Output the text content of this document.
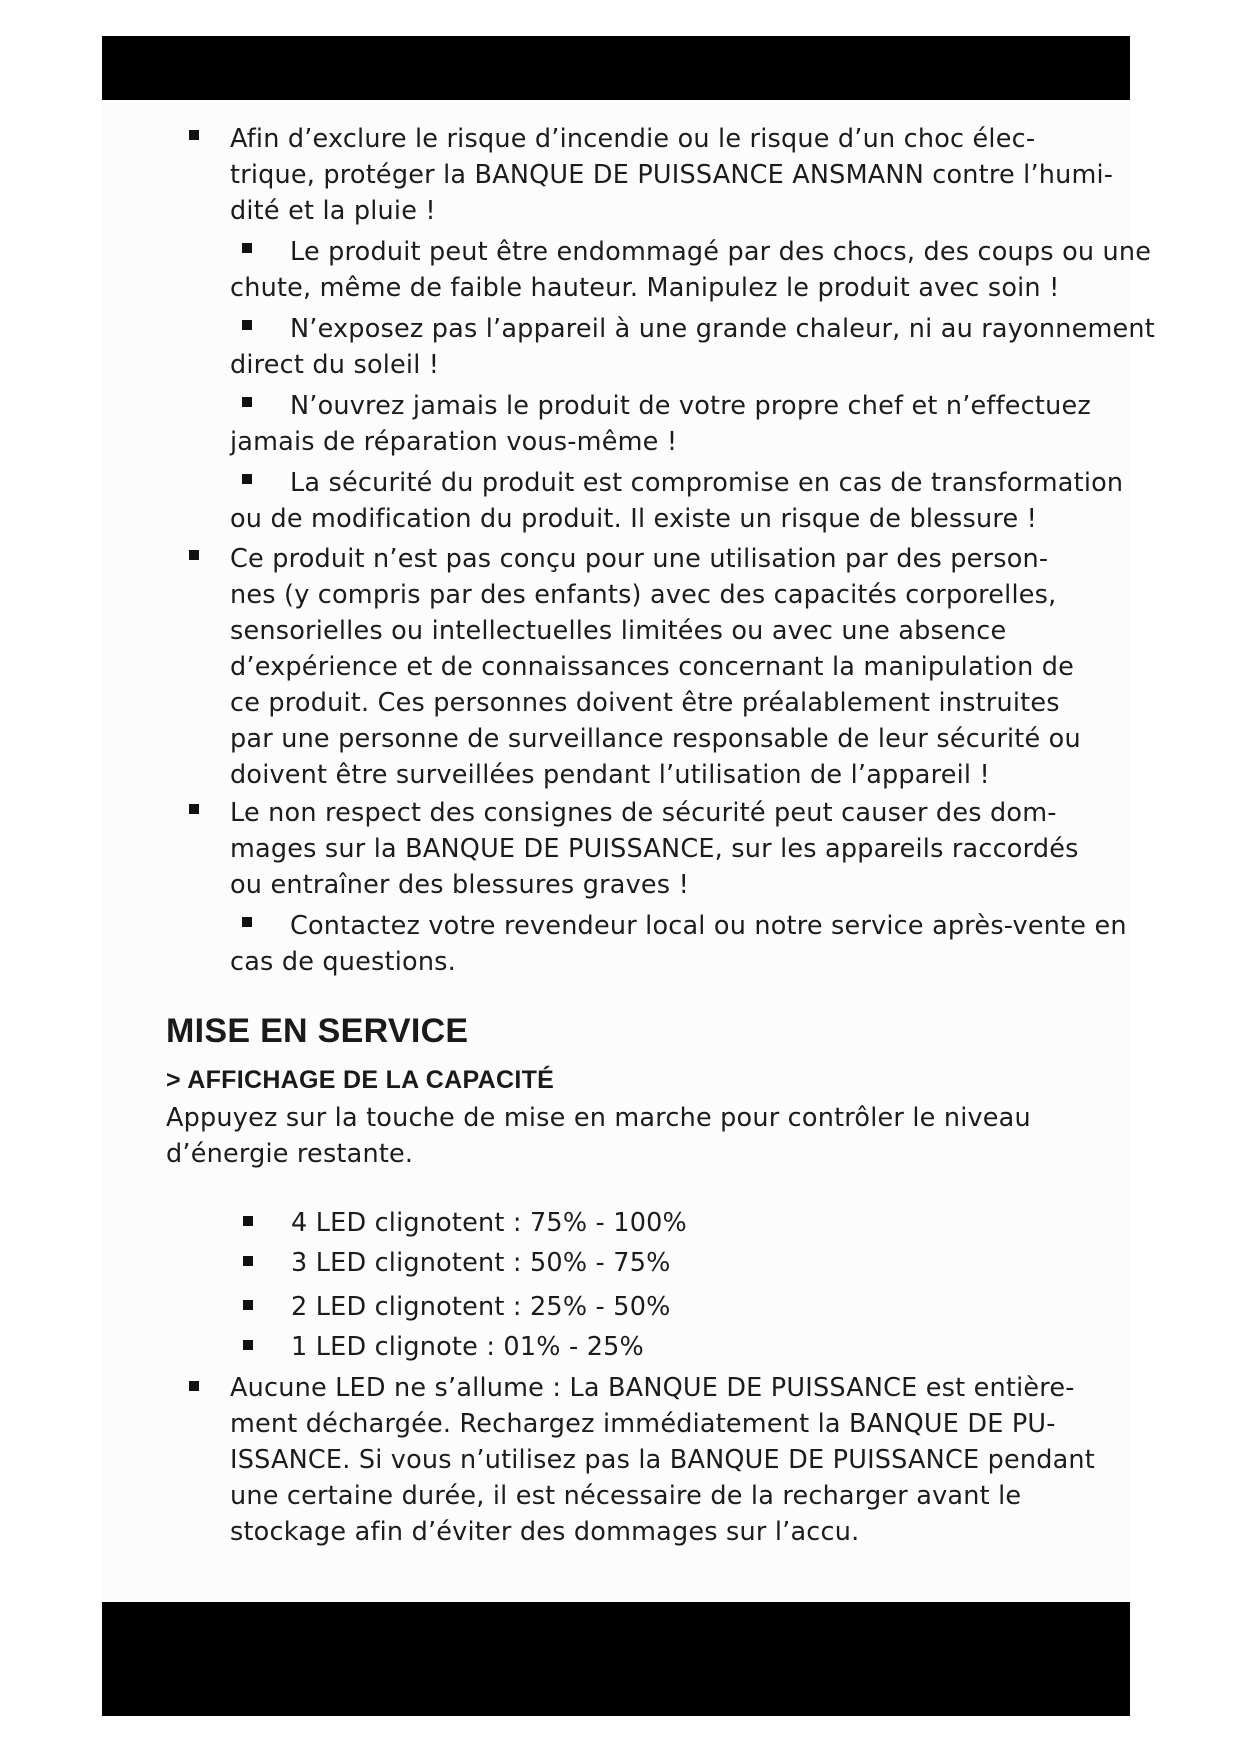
Afin d’exclure le risque d’incendie ou le risque d’un choc élec-
trique, protéger la BANQUE DE PUISSANCE ANSMANN contre l’humi-
dité et la pluie !
Le produit peut être endommagé par des chocs, des coups ou une
chute, même de faible hauteur. Manipulez le produit avec soin !
N’exposez pas l’appareil à une grande chaleur, ni au rayonnement
direct du soleil !
N’ouvrez jamais le produit de votre propre chef et n’effectuez
jamais de réparation vous-même !
La sécurité du produit est compromise en cas de transformation
ou de modification du produit. Il existe un risque de blessure !
Ce produit n’est pas conçu pour une utilisation par des person-
nes (y compris par des enfants) avec des capacités corporelles,
sensorielles ou intellectuelles limitées ou avec une absence
d’expérience et de connaissances concernant la manipulation de
ce produit. Ces personnes doivent être préalablement instruites
par une personne de surveillance responsable de leur sécurité ou
doivent être surveillées pendant l’utilisation de l’appareil !
Le non respect des consignes de sécurité peut causer des dom-
mages sur la BANQUE DE PUISSANCE, sur les appareils raccordés
ou entraîner des blessures graves !
Contactez votre revendeur local ou notre service après-vente en
cas de questions.
MISE EN SERVICE
> AFFICHAGE DE LA CAPACITÉ
Appuyez sur la touche de mise en marche pour contrôler le niveau
d’énergie restante.
4 LED clignotent : 75% - 100%
3 LED clignotent : 50% - 75%
2 LED clignotent : 25% - 50%
1 LED clignote : 01% - 25%
Aucune LED ne s’allume : La BANQUE DE PUISSANCE est entière-
ment déchargée. Rechargez immédiatement la BANQUE DE PU-
ISSANCE. Si vous n’utilisez pas la BANQUE DE PUISSANCE pendant
une certaine durée, il est nécessaire de la recharger avant le
stockage afin d’éviter des dommages sur l’accu.
